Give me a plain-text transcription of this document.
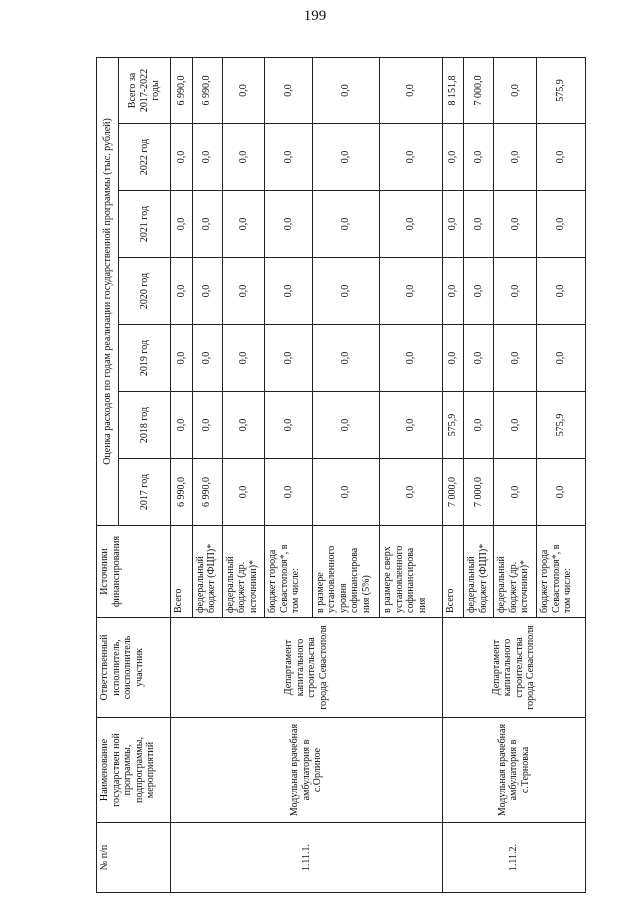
199
№ п/п	Наименование государствен ной программы, подпрограммы, мероприятий	Ответственный исполнитель, соисполнитель участник	Источники финансирования	Оценка расходов по годам реализации государственной программы (тыс. рублей)						
				2017 год	2018 год	2019 год	2020 год	2021 год	2022 год	Всего за 2017-2022 годы
1.11.1.	Модульная врачебная амбулатория в с.Орлиное	Департамент капитального строительства города Севастополя	Всего	6 990,0	0,0	0,0	0,0	0,0	0,0	6 990,0
			федеральный бюджет (ФЦП)*	6 990,0	0,0	0,0	0,0	0,0	0,0	6 990,0
			федеральный бюджет (др. источники)*	0,0	0,0	0,0	0,0	0,0	0,0	0,0
			бюджет города Севастополя*, в том числе:	0,0	0,0	0,0	0,0	0,0	0,0	0,0
			в размере установленного уровня софинансирова ния (5%)	0,0	0,0	0,0	0,0	0,0	0,0	0,0
			в размере сверх установленного софинансирова ния	0,0	0,0	0,0	0,0	0,0	0,0	0,0
1.11.2.	Модульная врачебная амбулатория в с.Терновка	Департамент капитального строительства города Севастополя	Всего	7 000,0	575,9	0,0	0,0	0,0	0,0	8 151,8
			федеральный бюджет (ФЦП)*	7 000,0	0,0	0,0	0,0	0,0	0,0	7 000,0
			федеральный бюджет (др. источники)*	0,0	0,0	0,0	0,0	0,0	0,0	0,0
			бюджет города Севастополя*, в том числе:	0,0	575,9	0,0	0,0	0,0	0,0	575,9
